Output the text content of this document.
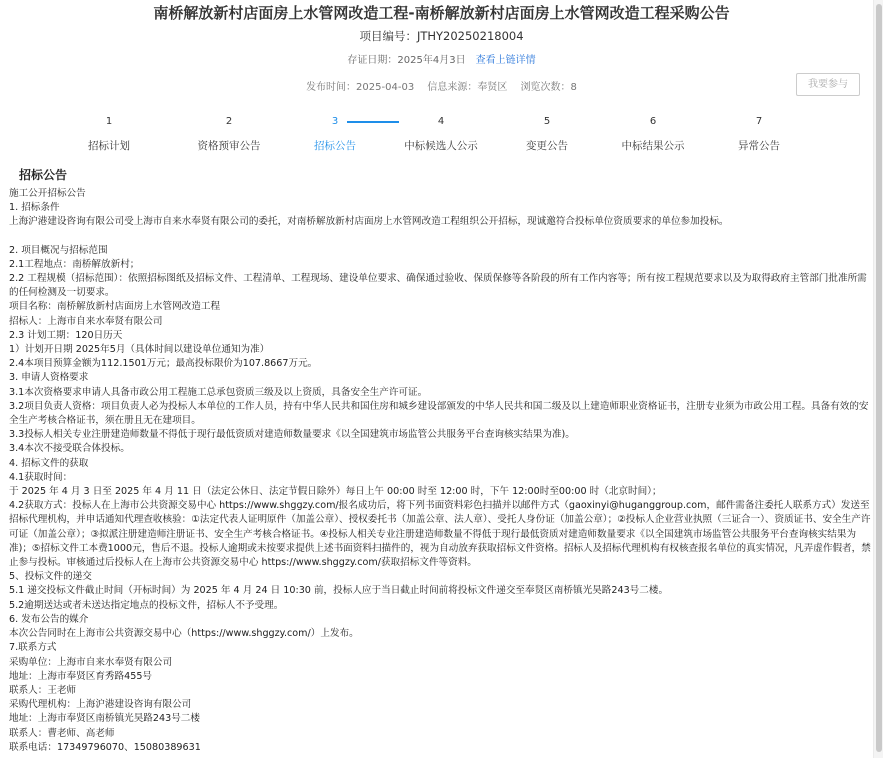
南桥解放新村店面房上水管网改造工程-南桥解放新村店面房上水管网改造工程采购公告
项目编号：JTHY20250218004
存证日期：2025年4月3日 查看上链详情
发布时间：2025-04-03 信息来源：奉贤区 浏览次数：8	我要参与
1
招标计划
2
资格预审公告
3
招标公告
4
中标候选人公示
5
变更公告
6
中标结果公示
7
异常公告
招标公告

施工公开招标公告

1. 招标条件

上海沪港建设咨询有限公司受上海市自来水奉贤有限公司的委托，对南桥解放新村店面房上水管网改造工程组织公开招标，现诚邀符合投标单位资质要求的单位参加投标。

2. 项目概况与招标范围

2.1工程地点：南桥解放新村；

2.2 工程规模（招标范围）：依照招标图纸及招标文件、工程清单、工程现场、建设单位要求、确保通过验收、保质保修等各阶段的所有工作内容等；所有按工程规范要求以及为取得政府主管部门批准所需的任何检测及一切要求。

项目名称：南桥解放新村店面房上水管网改造工程

招标人：上海市自来水奉贤有限公司

2.3 计划工期：120日历天

1）计划开日期 2025年5月（具体时间以建设单位通知为准）

2.4本项目预算金额为112.1501万元；最高投标限价为107.8667万元。

3. 申请人资格要求

3.1本次资格要求申请人具备市政公用工程施工总承包资质三级及以上资质，具备安全生产许可证。

3.2项目负责人资格：项目负责人必为投标人本单位的工作人员，持有中华人民共和国住房和城乡建设部颁发的中华人民共和国二级及以上建造师职业资格证书，注册专业须为市政公用工程。具备有效的安全生产考核合格证书，须在册且无在建项目。

3.3投标人相关专业注册建造师数量不得低于现行最低资质对建造师数量要求《以全国建筑市场监管公共服务平台查询核实结果为准)。

3.4本次不接受联合体投标。

4. 招标文件的获取

4.1获取时间：

于 2025 年 4 月 3 日至 2025 年 4 月 11 日（法定公休日、法定节假日除外）每日上午 00:00 时至 12:00 时，下午 12:00时至00:00 时（北京时间）；

4.2获取方式：投标人在上海市公共资源交易中心 https://www.shggzy.com/报名成功后，将下列书面资料彩色扫描并以邮件方式（gaoxinyi@huganggroup.com，邮件需备注委托人联系方式）发送至招标代理机构，并申话通知代理查收核验：①法定代表人证明原件（加盖公章）、授权委托书（加盖公章、法人章）、受托人身份证（加盖公章）；②投标人企业营业执照（三证合一）、资质证书、安全生产许可证（加盖公章）；③拟派注册建造师注册证书、安全生产考核合格证书。④投标人相关专业注册建造师数量不得低于现行最低资质对建造师数量要求《以全国建筑市场监管公共服务平台查询核实结果为准)；⑤招标文件工本费1000元，售后不退。投标人逾期或未按要求提供上述书面资料扫描件的，视为自动放弃获取招标文件资格。招标人及招标代理机构有权核查报名单位的真实情况，凡弄虚作假者，禁止参与投标。审核通过后投标人在上海市公共资源交易中心 https://www.shggzy.com/获取招标文件等资料。

5、投标文件的递交

5.1 递交投标文件截止时间（开标时间）为 2025 年 4 月 24 日 10:30 前，投标人应于当日截止时间前将投标文件递交至奉贤区南桥镇光昊路243号二楼。

5.2逾期送达或者未送达指定地点的投标文件，招标人不予受理。

6. 发布公告的媒介

本次公告同时在上海市公共资源交易中心（https://www.shggzy.com/）上发布。

7.联系方式

采购单位：上海市自来水奉贤有限公司

地址：上海市奉贤区育秀路455号

联系人：王老师

采购代理机构：上海沪港建设咨询有限公司

地址：上海市奉贤区南桥镇光昊路243号二楼

联系人：曹老师、高老师

联系电话：17349796070、15080389631
